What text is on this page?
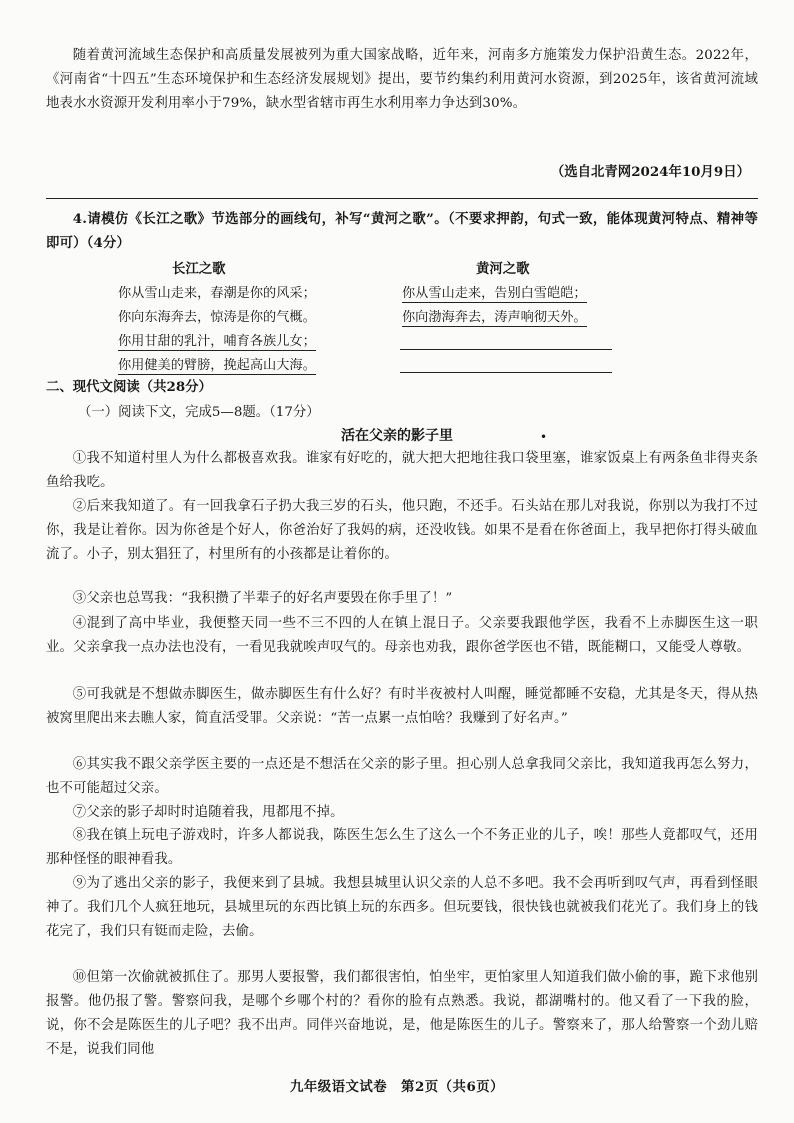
随着黄河流域生态保护和高质量发展被列为重大国家战略，近年来，河南多方施策发力保护沿黄生态。2022年，《河南省“十四五”生态环境保护和生态经济发展规划》提出，要节约集约利用黄河水资源，到2025年，该省黄河流域地表水水资源开发利用率小于79%，缺水型省辖市再生水利用率力争达到30%。

（选自北青网2024年10月9日）

4.请模仿《长江之歌》节选部分的画线句，补写“黄河之歌”。（不要求押韵，句式一致，能体现黄河特点、精神等即可）（4分）

长江之歌	黄河之歌
你从雪山走来，春潮是你的风采；
你向东海奔去，惊涛是你的气概。
你用甘甜的乳汁，哺育各族儿女；
你用健美的臂膀，挽起高山大海。
你从雪山走来，告别白雪皑皑；
你向渤海奔去，涛声响彻天外。
二、现代文阅读（共28分）
（一）阅读下文，完成5—8题。（17分）
活在父亲的影子里	•

①我不知道村里人为什么都极喜欢我。谁家有好吃的，就大把大把地往我口袋里塞，谁家饭桌上有两条鱼非得夹条鱼给我吃。

②后来我知道了。有一回我拿石子扔大我三岁的石头，他只跑，不还手。石头站在那儿对我说，你别以为我打不过你，我是让着你。因为你爸是个好人，你爸治好了我妈的病，还没收钱。如果不是看在你爸面上，我早把你打得头破血流了。小子，别太猖狂了，村里所有的小孩都是让着你的。

③父亲也总骂我：“我积攒了半辈子的好名声要毁在你手里了！”

④混到了高中毕业，我便整天同一些不三不四的人在镇上混日子。父亲要我跟他学医，我看不上赤脚医生这一职业。父亲拿我一点办法也没有，一看见我就唉声叹气的。母亲也劝我，跟你爸学医也不错，既能糊口，又能受人尊敬。

⑤可我就是不想做赤脚医生，做赤脚医生有什么好？有时半夜被村人叫醒，睡觉都睡不安稳，尤其是冬天，得从热被窝里爬出来去瞧人家，简直活受罪。父亲说：“苦一点累一点怕啥？我赚到了好名声。”

⑥其实我不跟父亲学医主要的一点还是不想活在父亲的影子里。担心别人总拿我同父亲比，我知道我再怎么努力，也不可能超过父亲。

⑦父亲的影子却时时追随着我，甩都甩不掉。

⑧我在镇上玩电子游戏时，许多人都说我，陈医生怎么生了这么一个不务正业的儿子，唉！那些人竟都叹气，还用那种怪怪的眼神看我。

⑨为了逃出父亲的影子，我便来到了县城。我想县城里认识父亲的人总不多吧。我不会再听到叹气声，再看到怪眼神了。我们几个人疯狂地玩，县城里玩的东西比镇上玩的东西多。但玩要钱，很快钱也就被我们花光了。我们身上的钱花完了，我们只有铤而走险，去偷。

⑩但第一次偷就被抓住了。那男人要报警，我们都很害怕，怕坐牢，更怕家里人知道我们做小偷的事，跪下求他别报警。他仍报了警。警察问我，是哪个乡哪个村的？看你的脸有点熟悉。我说，都湖嘴村的。他又看了一下我的脸，说，你不会是陈医生的儿子吧？我不出声。同伴兴奋地说，是，他是陈医生的儿子。警察来了，那人给警察一个劲儿赔不是，说我们同他

九年级语文试卷　第2页（共6页）
